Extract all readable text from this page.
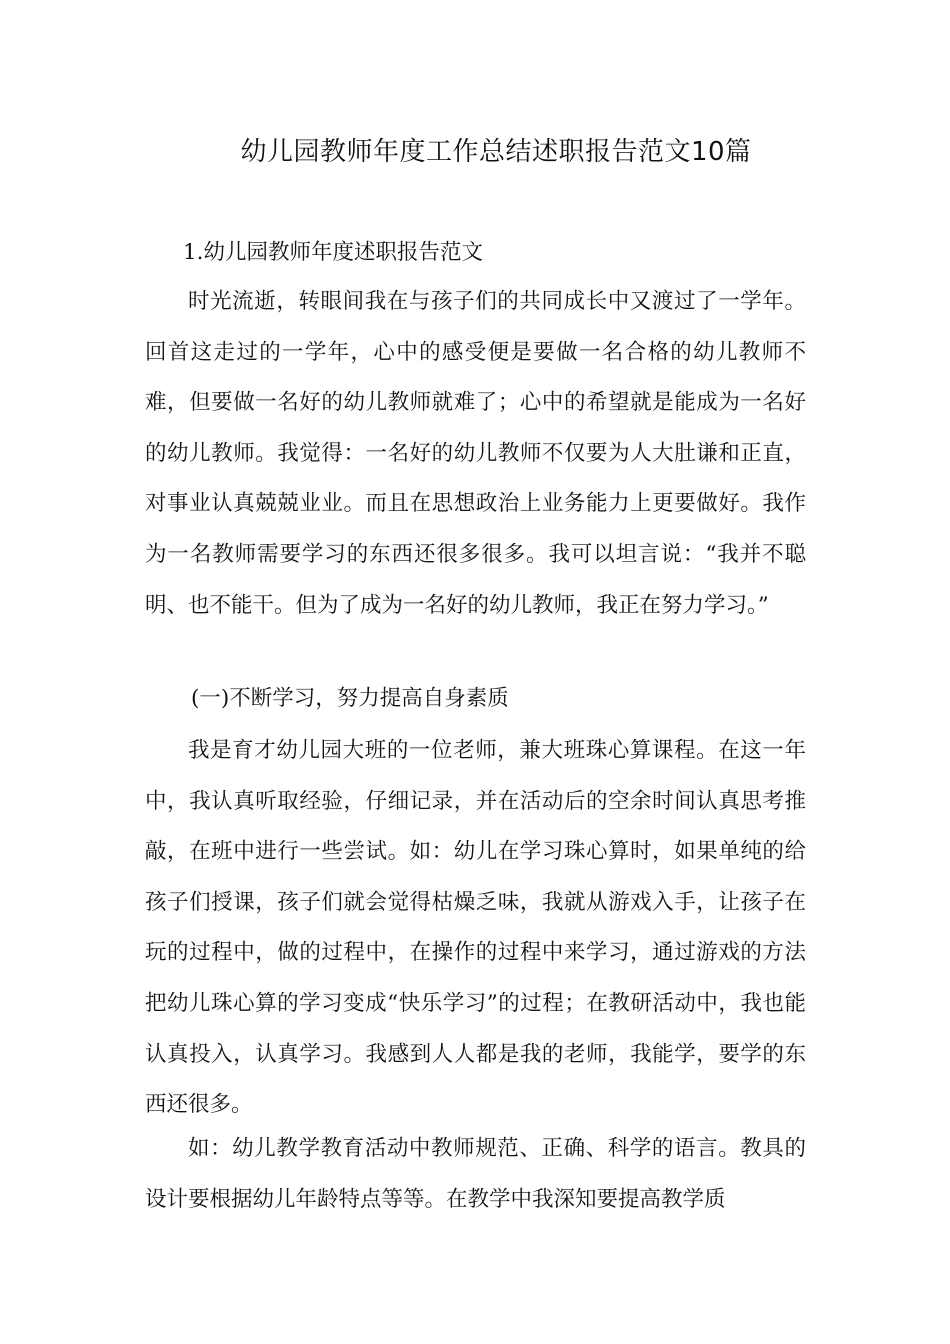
幼儿园教师年度工作总结述职报告范文10篇
1.幼儿园教师年度述职报告范文

时光流逝，转眼间我在与孩子们的共同成长中又渡过了一学年。回首这走过的一学年，心中的感受便是要做一名合格的幼儿教师不难，但要做一名好的幼儿教师就难了；心中的希望就是能成为一名好的幼儿教师。我觉得：一名好的幼儿教师不仅要为人大肚谦和正直，对事业认真兢兢业业。而且在思想政治上业务能力上更要做好。我作为一名教师需要学习的东西还很多很多。我可以坦言说：“我并不聪明、也不能干。但为了成为一名好的幼儿教师，我正在努力学习。”

(一)不断学习，努力提高自身素质

我是育才幼儿园大班的一位老师，兼大班珠心算课程。在这一年中，我认真听取经验，仔细记录，并在活动后的空余时间认真思考推敲，在班中进行一些尝试。如：幼儿在学习珠心算时，如果单纯的给孩子们授课，孩子们就会觉得枯燥乏味，我就从游戏入手，让孩子在玩的过程中，做的过程中，在操作的过程中来学习，通过游戏的方法把幼儿珠心算的学习变成“快乐学习”的过程；在教研活动中，我也能认真投入，认真学习。我感到人人都是我的老师，我能学，要学的东西还很多。

如：幼儿教学教育活动中教师规范、正确、科学的语言。教具的设计要根据幼儿年龄特点等等。在教学中我深知要提高教学质
